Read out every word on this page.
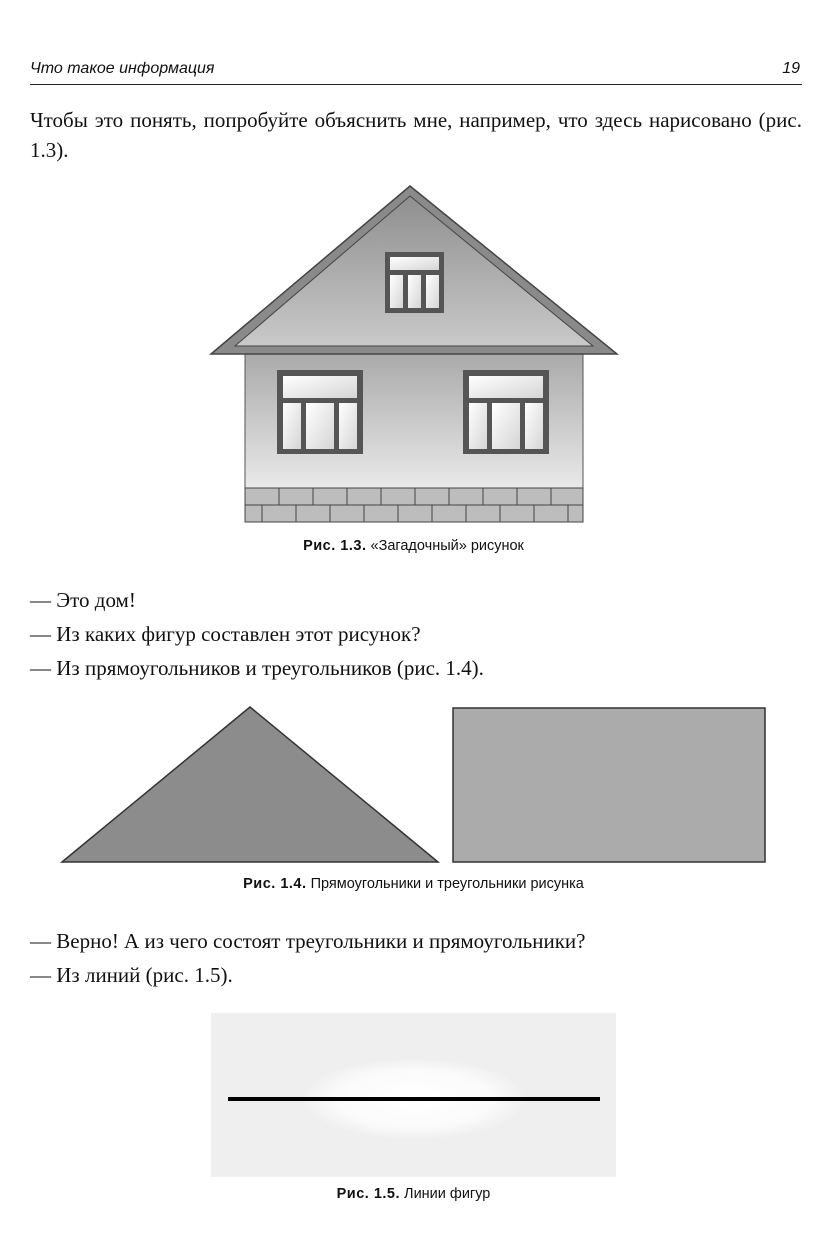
Что такое информация	19
Чтобы это понять, попробуйте объяснить мне, например, что здесь нарисовано (рис. 1.3).
Рис. 1.3. «Загадочный» рисунок
— Это дом!
— Из каких фигур составлен этот рисунок?
— Из прямоугольников и треугольников (рис. 1.4).
Рис. 1.4. Прямоугольники и треугольники рисунка
— Верно! А из чего состоят треугольники и прямоугольники?
— Из линий (рис. 1.5).
Рис. 1.5. Линии фигур
